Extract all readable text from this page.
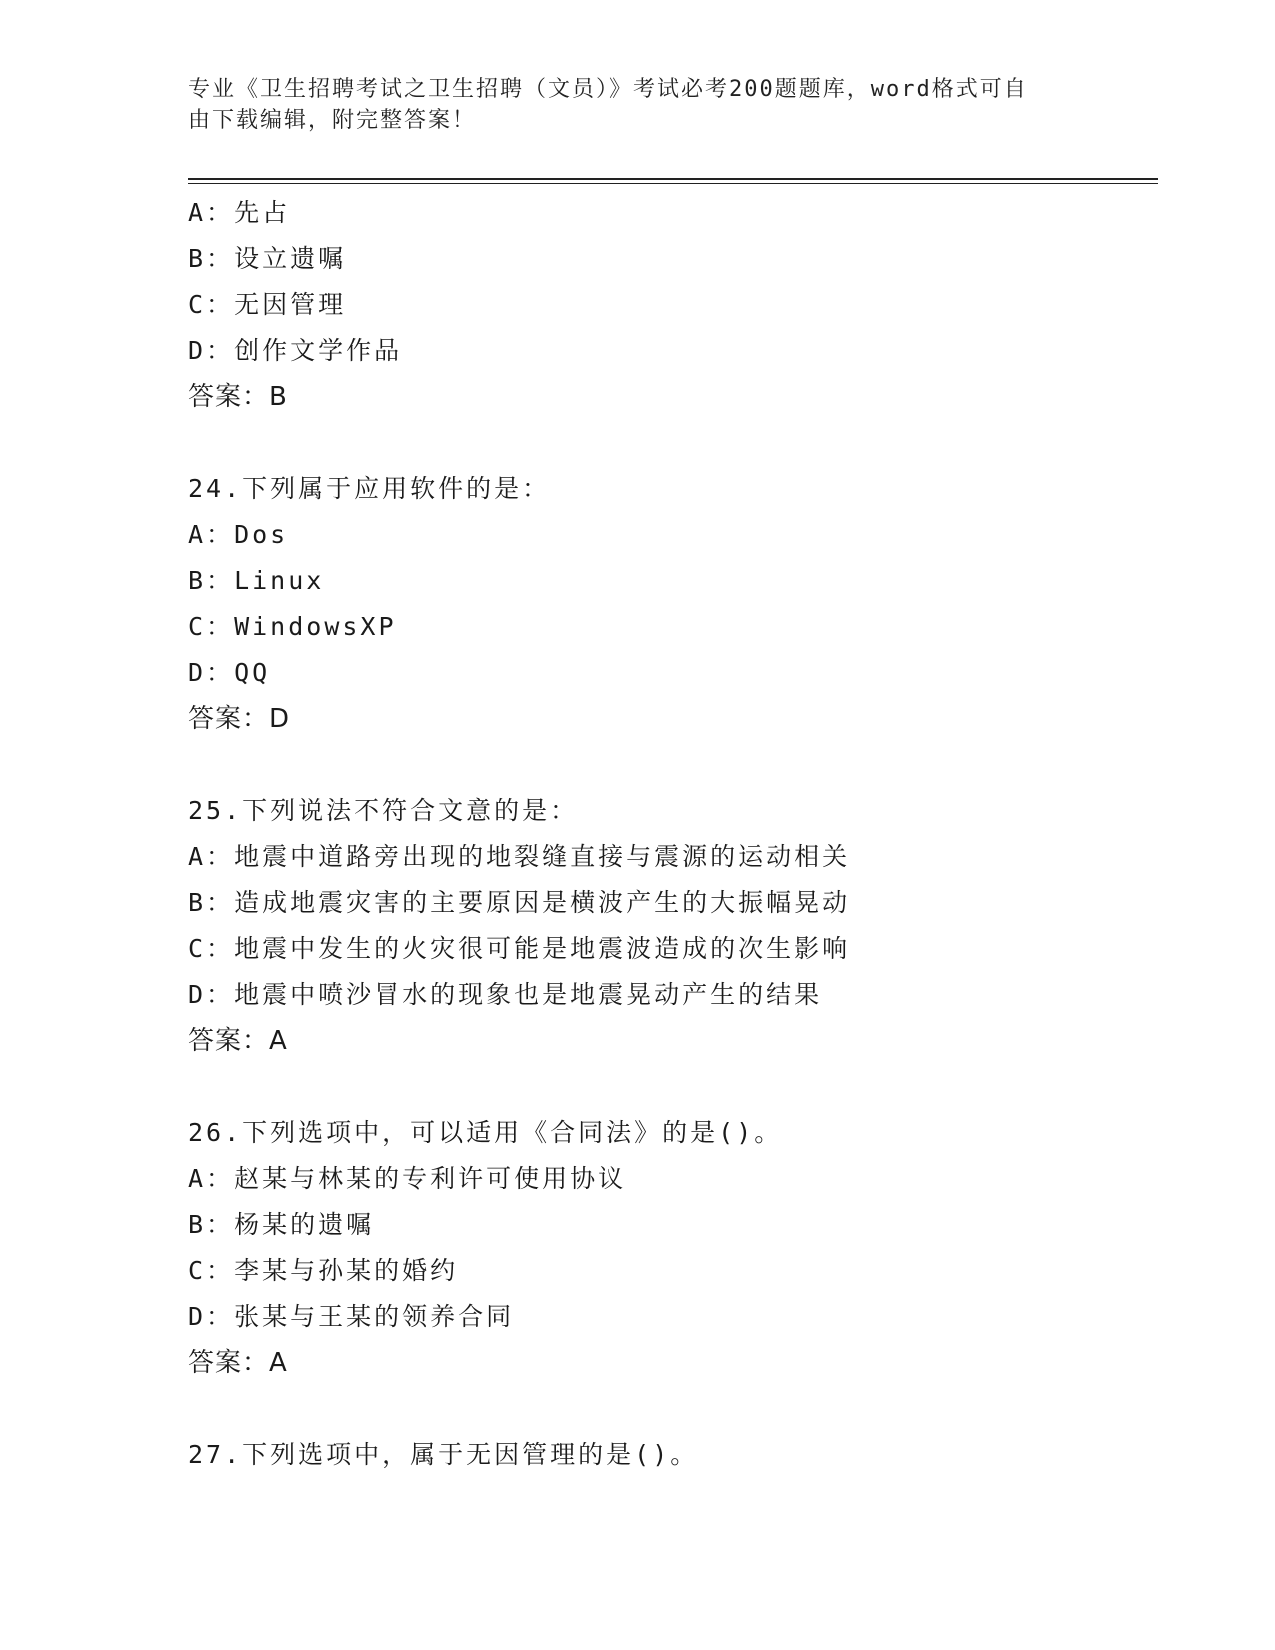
专业《卫生招聘考试之卫生招聘（文员）》考试必考200题题库，word格式可自
由下载编辑，附完整答案！
A：先占
B：设立遗嘱
C：无因管理
D：创作文学作品
答案：B
24.下列属于应用软件的是：
A：Dos
B：Linux
C：WindowsXP
D：QQ
答案：D
25.下列说法不符合文意的是：
A：地震中道路旁出现的地裂缝直接与震源的运动相关
B：造成地震灾害的主要原因是横波产生的大振幅晃动
C：地震中发生的火灾很可能是地震波造成的次生影响
D：地震中喷沙冒水的现象也是地震晃动产生的结果
答案：A
26.下列选项中，可以适用《合同法》的是()。
A：赵某与林某的专利许可使用协议
B：杨某的遗嘱
C：李某与孙某的婚约
D：张某与王某的领养合同
答案：A
27.下列选项中，属于无因管理的是()。
